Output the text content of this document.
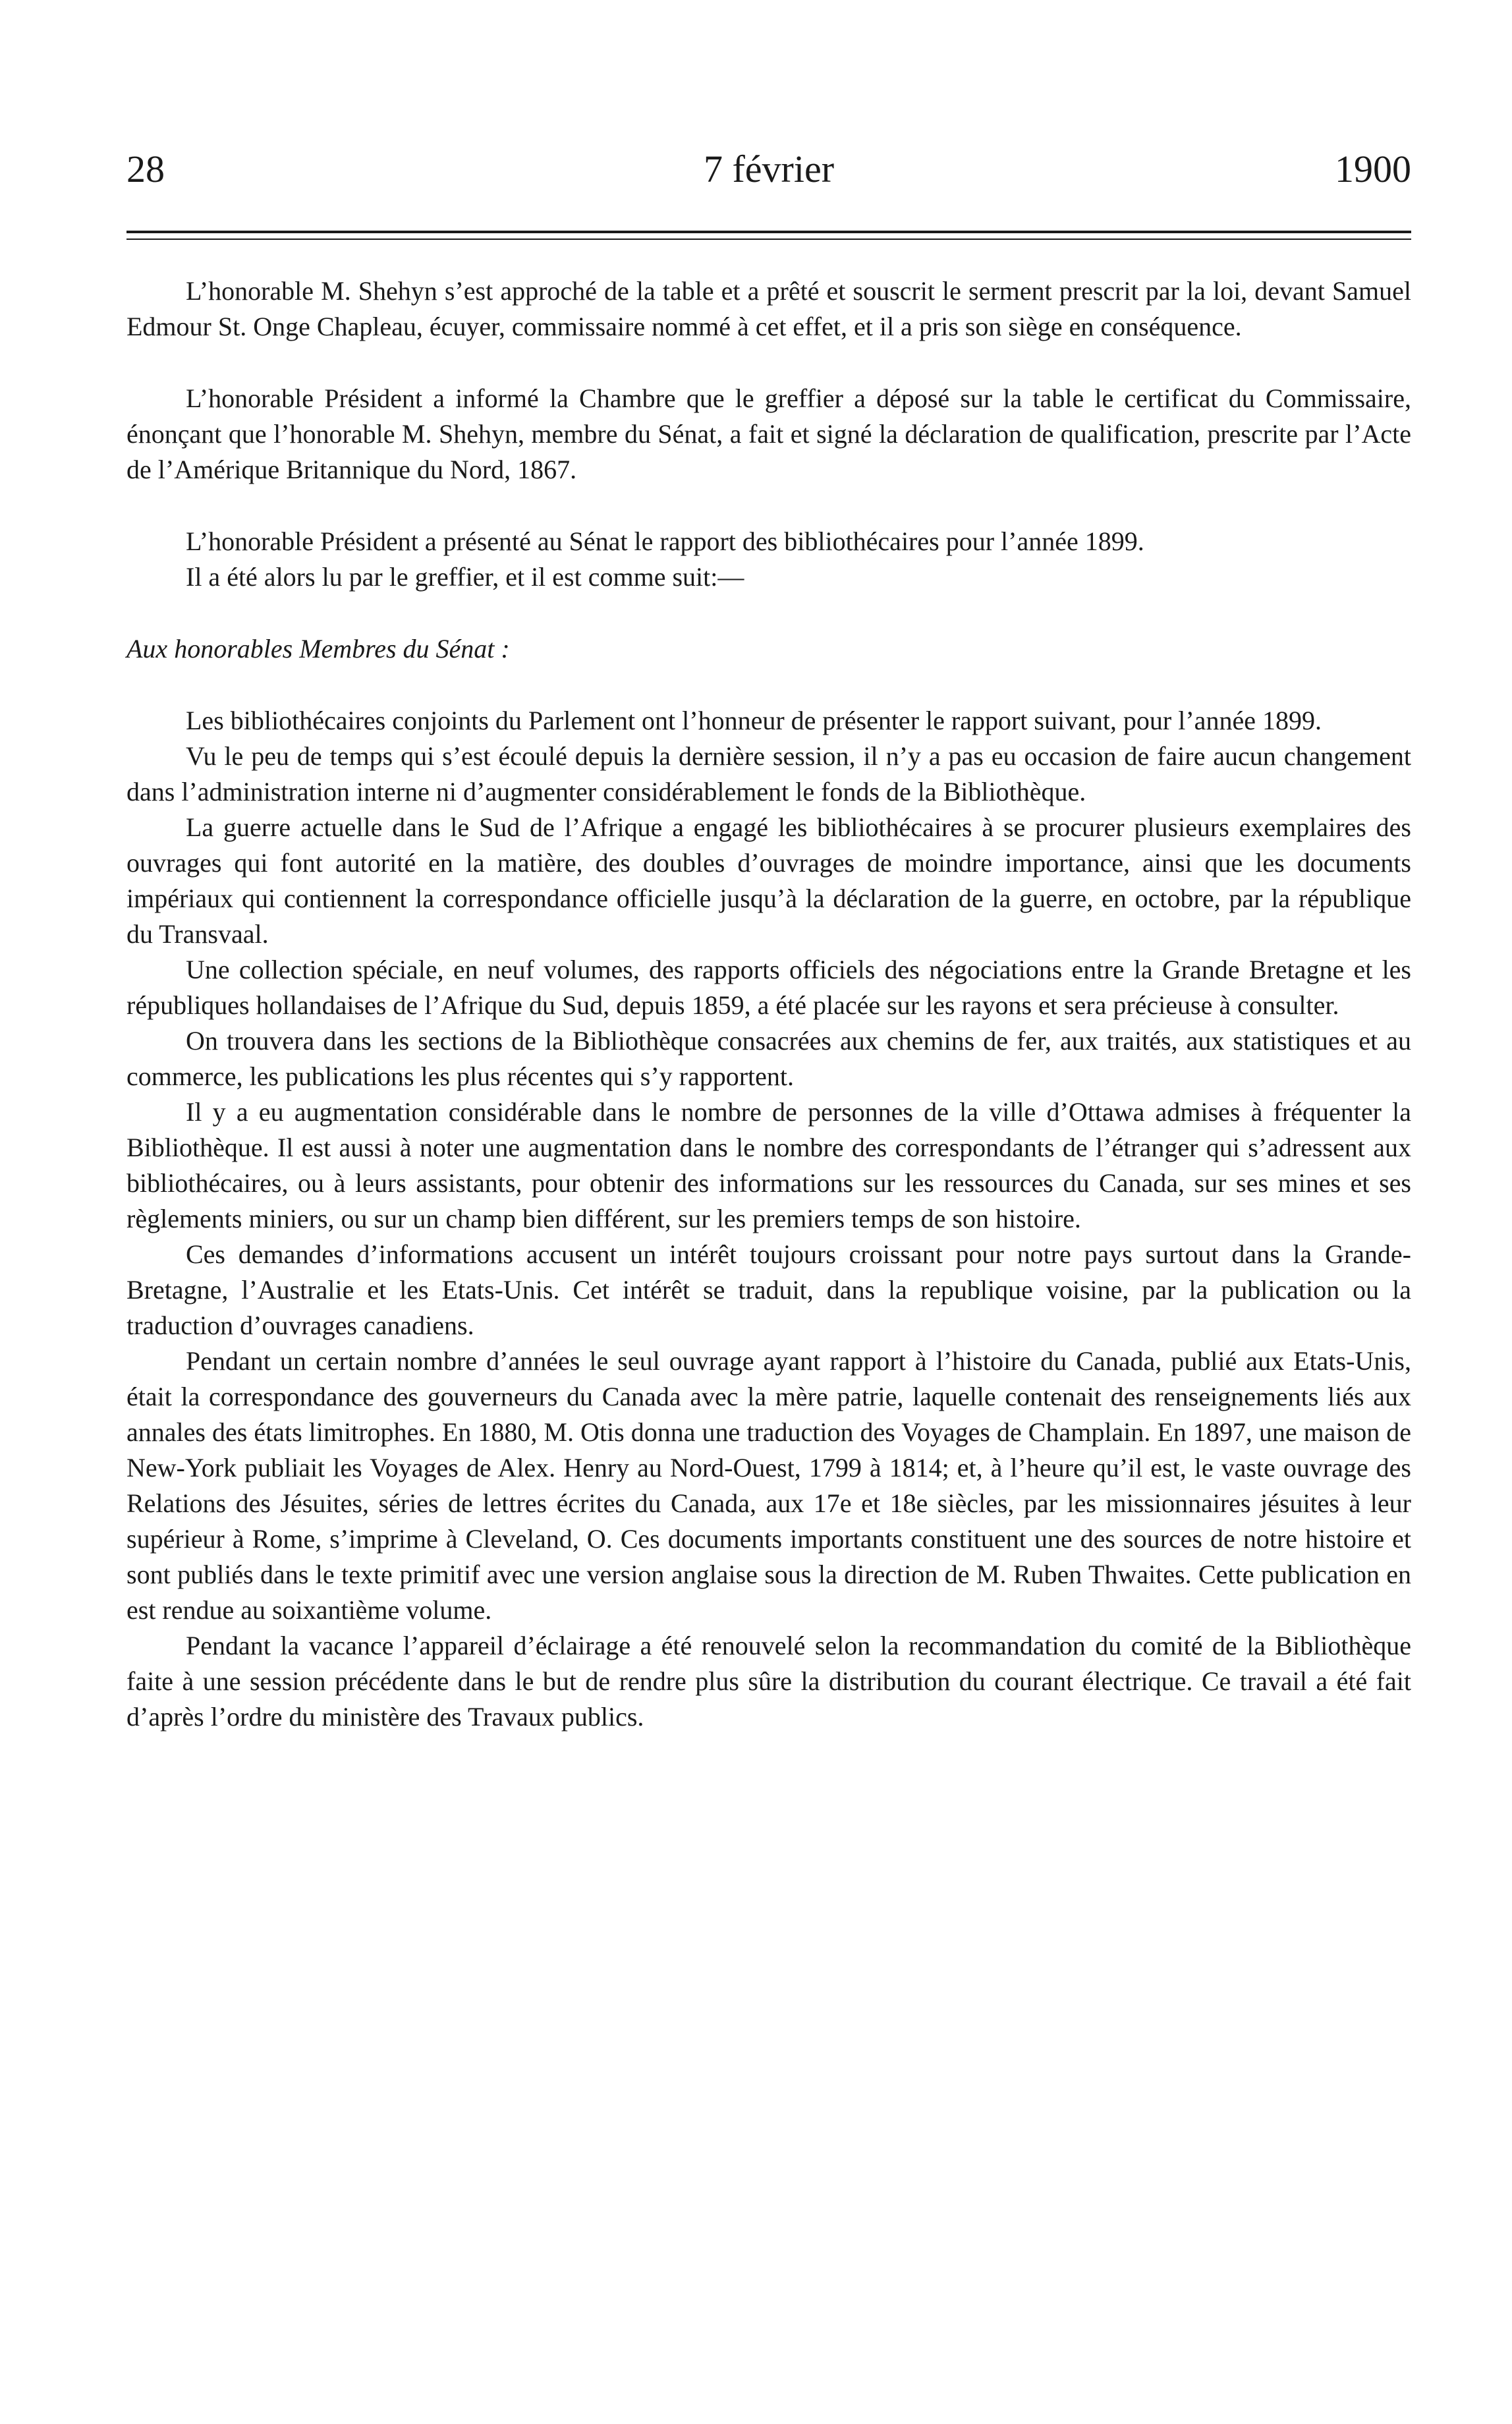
28	7 février	1900

L’honorable M. Shehyn s’est approché de la table et a prêté et souscrit le serment prescrit par la loi, devant Samuel Edmour St. Onge Chapleau, écuyer, commissaire nommé à cet effet, et il a pris son siège en conséquence.

L’honorable Président a informé la Chambre que le greffier a déposé sur la table le certificat du Commissaire, énonçant que l’honorable M. Shehyn, membre du Sénat, a fait et signé la déclaration de qualification, prescrite par l’Acte de l’Amérique Britannique du Nord, 1867.

L’honorable Président a présenté au Sénat le rapport des bibliothécaires pour l’année 1899.

Il a été alors lu par le greffier, et il est comme suit:—

Aux honorables Membres du Sénat :

Les bibliothécaires conjoints du Parlement ont l’honneur de présenter le rapport suivant, pour l’année 1899.

Vu le peu de temps qui s’est écoulé depuis la dernière session, il n’y a pas eu occasion de faire aucun changement dans l’administration interne ni d’augmenter considérablement le fonds de la Bibliothèque.

La guerre actuelle dans le Sud de l’Afrique a engagé les bibliothécaires à se procurer plusieurs exemplaires des ouvrages qui font autorité en la matière, des doubles d’ouvrages de moindre importance, ainsi que les documents impériaux qui contiennent la correspondance officielle jusqu’à la déclaration de la guerre, en octobre, par la république du Transvaal.

Une collection spéciale, en neuf volumes, des rapports officiels des négociations entre la Grande Bretagne et les républiques hollandaises de l’Afrique du Sud, depuis 1859, a été placée sur les rayons et sera précieuse à consulter.

On trouvera dans les sections de la Bibliothèque consacrées aux chemins de fer, aux traités, aux statistiques et au commerce, les publications les plus récentes qui s’y rapportent.

Il y a eu augmentation considérable dans le nombre de personnes de la ville d’Ottawa admises à fréquenter la Bibliothèque. Il est aussi à noter une augmentation dans le nombre des correspondants de l’étranger qui s’adressent aux bibliothécaires, ou à leurs assistants, pour obtenir des informations sur les ressources du Canada, sur ses mines et ses règlements miniers, ou sur un champ bien différent, sur les premiers temps de son histoire.

Ces demandes d’informations accusent un intérêt toujours croissant pour notre pays surtout dans la Grande-Bretagne, l’Australie et les Etats-Unis. Cet intérêt se traduit, dans la republique voisine, par la publication ou la traduction d’ouvrages canadiens.

Pendant un certain nombre d’années le seul ouvrage ayant rapport à l’histoire du Canada, publié aux Etats-Unis, était la correspondance des gouverneurs du Canada avec la mère patrie, laquelle contenait des renseignements liés aux annales des états limitrophes. En 1880, M. Otis donna une traduction des Voyages de Champlain. En 1897, une maison de New-York publiait les Voyages de Alex. Henry au Nord-Ouest, 1799 à 1814; et, à l’heure qu’il est, le vaste ouvrage des Relations des Jésuites, séries de lettres écrites du Canada, aux 17e et 18e siècles, par les missionnaires jésuites à leur supérieur à Rome, s’imprime à Cleveland, O. Ces documents importants constituent une des sources de notre histoire et sont publiés dans le texte primitif avec une version anglaise sous la direction de M. Ruben Thwaites. Cette publication en est rendue au soixantième volume.

Pendant la vacance l’appareil d’éclairage a été renouvelé selon la recommandation du comité de la Bibliothèque faite à une session précédente dans le but de rendre plus sûre la distribution du courant électrique. Ce travail a été fait d’après l’ordre du ministère des Travaux publics.
